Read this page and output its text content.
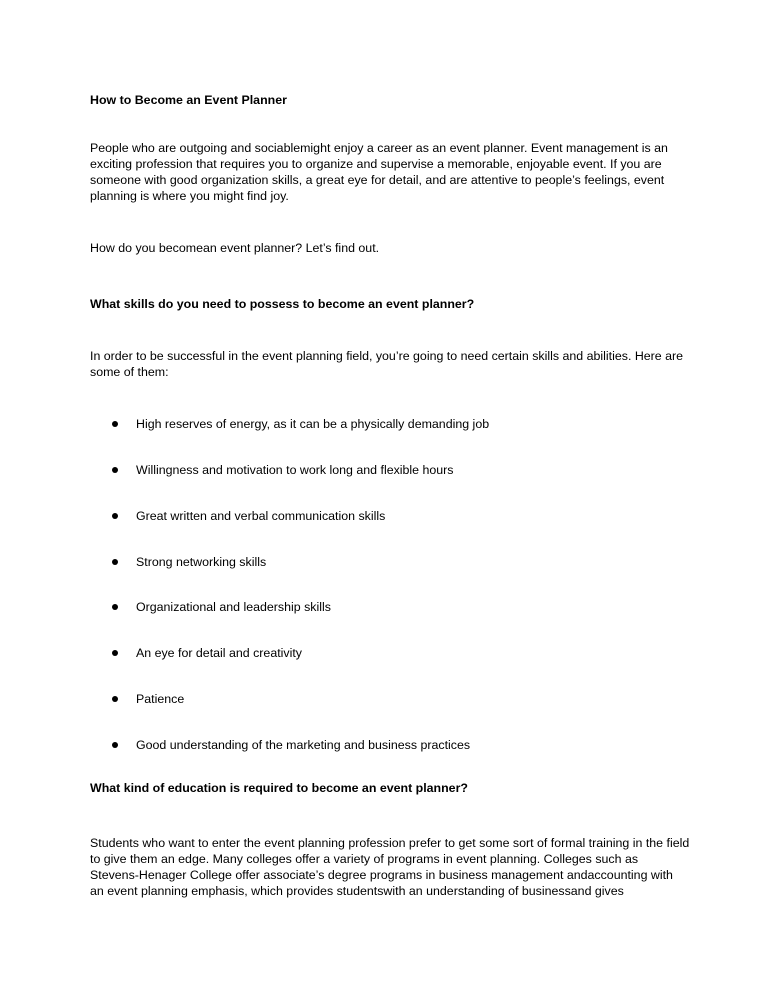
How to Become an Event Planner

People who are outgoing and sociablemight enjoy a career as an event planner. Event management is an exciting profession that requires you to organize and supervise a memorable, enjoyable event. If you are someone with good organization skills, a great eye for detail, and are attentive to people’s feelings, event planning is where you might find joy.

How do you becomean event planner? Let’s find out.

What skills do you need to possess to become an event planner?

In order to be successful in the event planning field, you’re going to need certain skills and abilities. Here are some of them:

High reserves of energy, as it can be a physically demanding job
Willingness and motivation to work long and flexible hours
Great written and verbal communication skills
Strong networking skills
Organizational and leadership skills
An eye for detail and creativity
Patience
Good understanding of the marketing and business practices

What kind of education is required to become an event planner?

Students who want to enter the event planning profession prefer to get some sort of formal training in the field to give them an edge. Many colleges offer a variety of programs in event planning. Colleges such as Stevens-Henager College offer associate’s degree programs in business management andaccounting with an event planning emphasis, which provides studentswith an understanding of businessand gives
